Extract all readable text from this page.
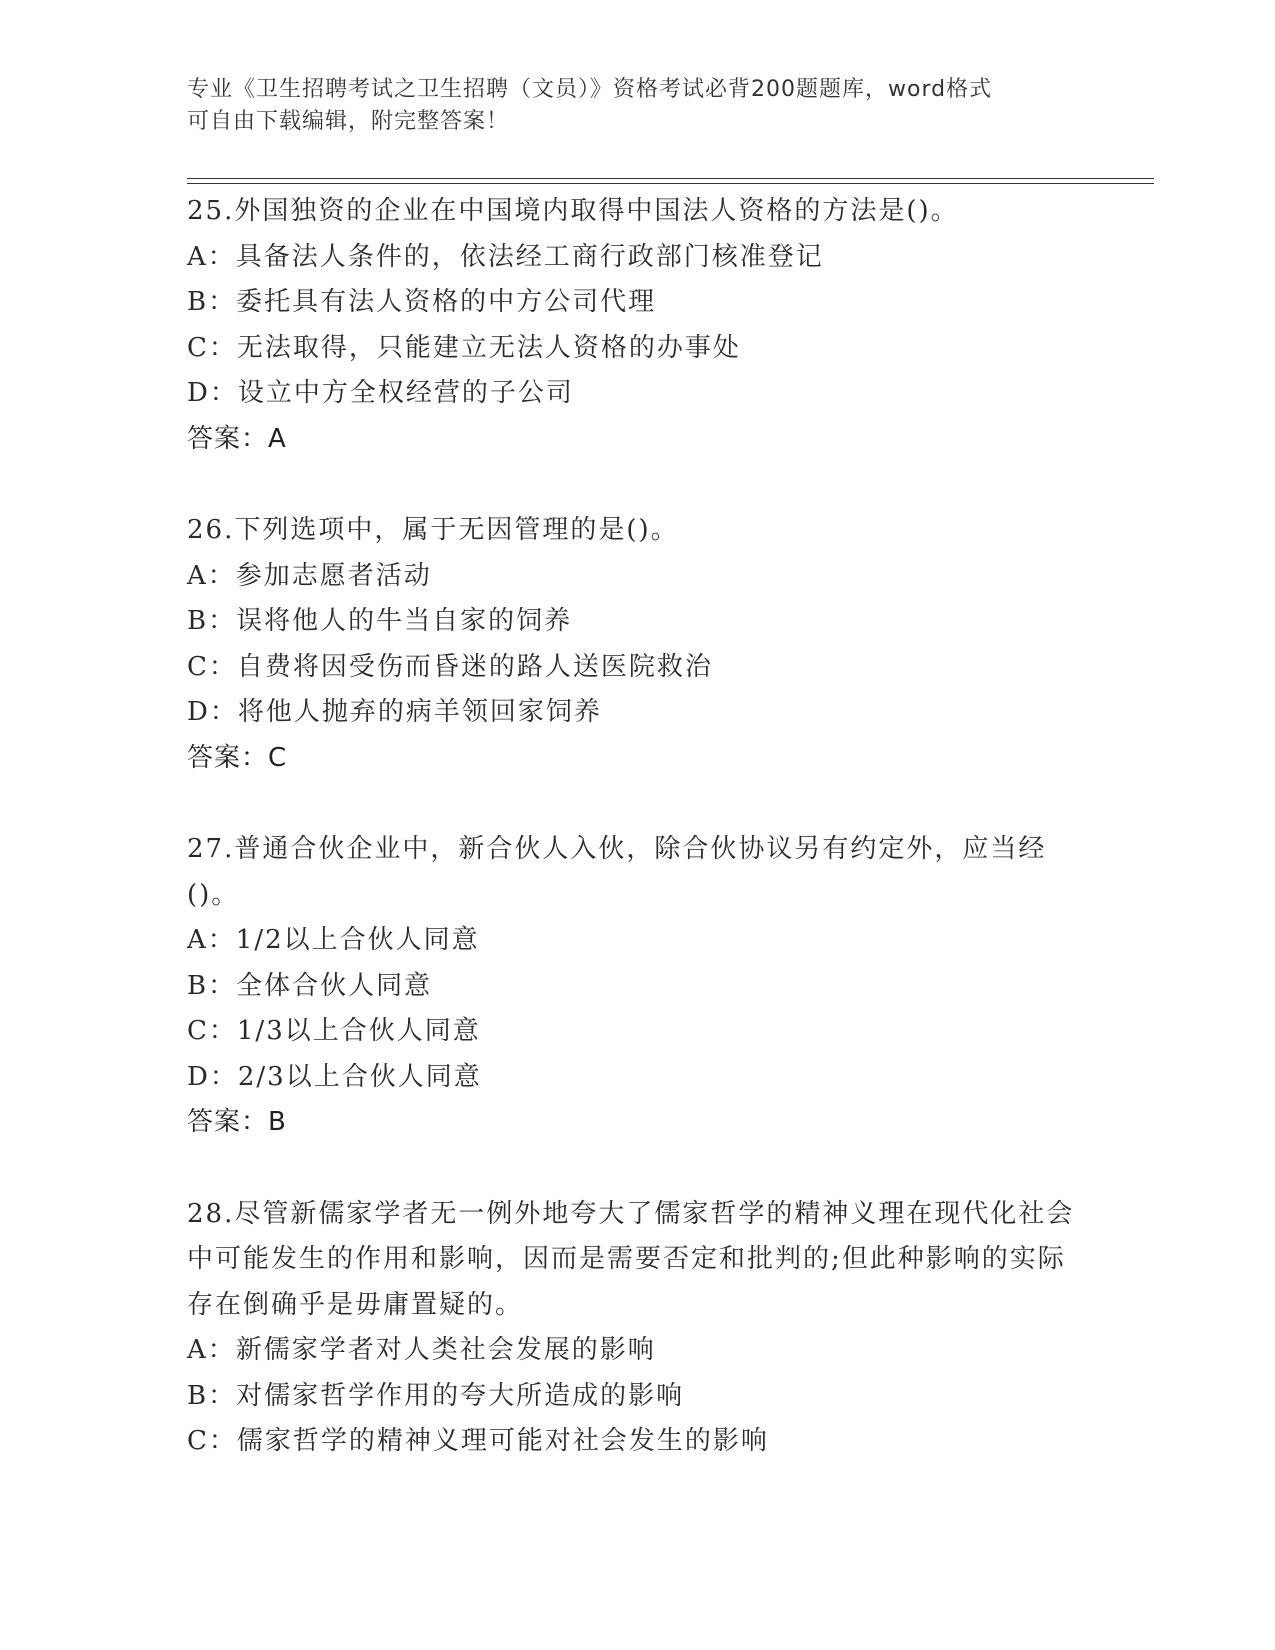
专业《卫生招聘考试之卫生招聘（文员）》资格考试必背200题题库，word格式
可自由下载编辑，附完整答案！
25.外国独资的企业在中国境内取得中国法人资格的方法是()。
A：具备法人条件的，依法经工商行政部门核准登记
B：委托具有法人资格的中方公司代理
C：无法取得，只能建立无法人资格的办事处
D：设立中方全权经营的子公司
答案：A
26.下列选项中，属于无因管理的是()。
A：参加志愿者活动
B：误将他人的牛当自家的饲养
C：自费将因受伤而昏迷的路人送医院救治
D：将他人抛弃的病羊领回家饲养
答案：C
27.普通合伙企业中，新合伙人入伙，除合伙协议另有约定外，应当经()。
A：1/2以上合伙人同意
B：全体合伙人同意
C：1/3以上合伙人同意
D：2/3以上合伙人同意
答案：B
28.尽管新儒家学者无一例外地夸大了儒家哲学的精神义理在现代化社会中可能发生的作用和影响，因而是需要否定和批判的;但此种影响的实际存在倒确乎是毋庸置疑的。
A：新儒家学者对人类社会发展的影响
B：对儒家哲学作用的夸大所造成的影响
C：儒家哲学的精神义理可能对社会发生的影响
